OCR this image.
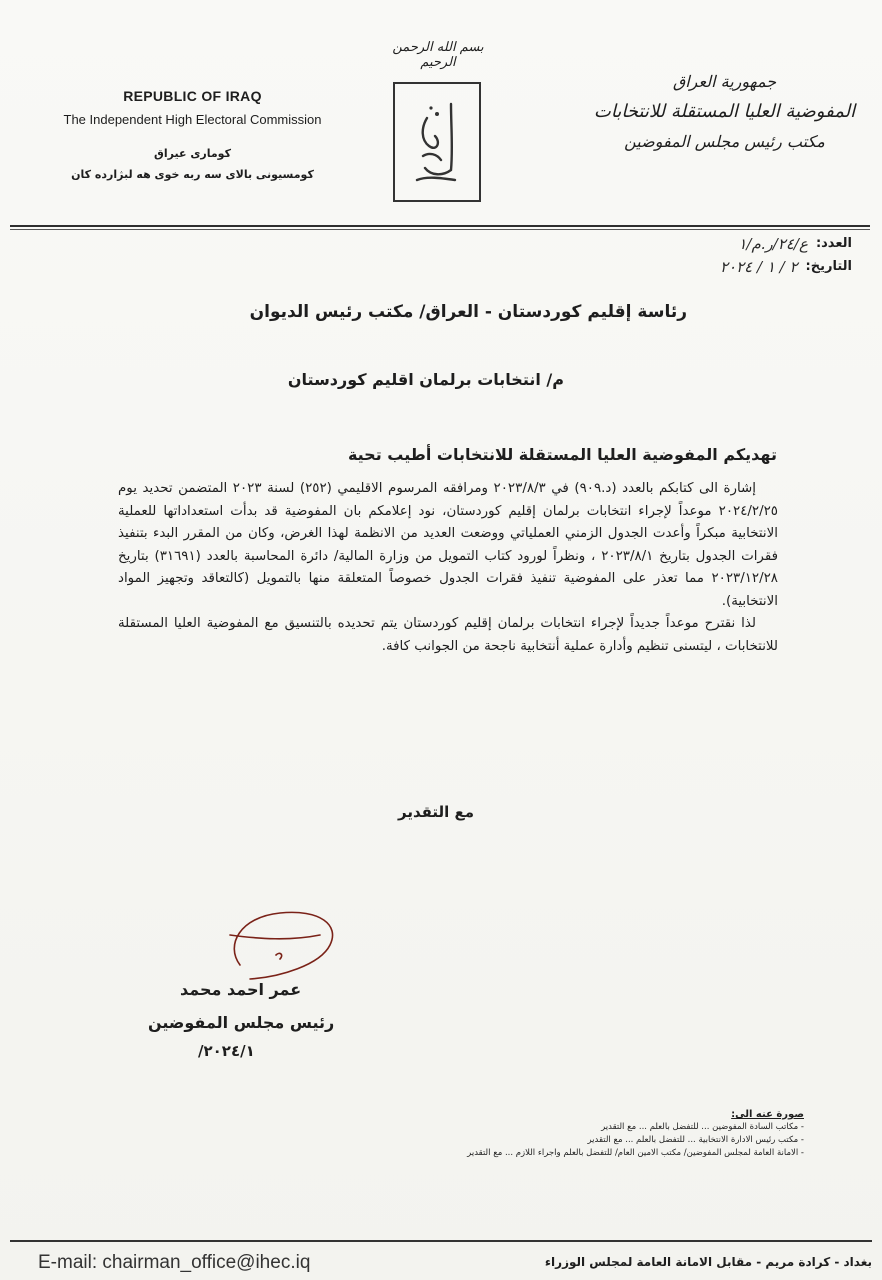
REPUBLIC OF IRAQ
The Independent High Electoral Commission
كوماری عیراق
كومسيونى بالاى سه ربه خوى هه لبژارده كان
بسم الله الرحمن الرحيم
جمهورية العراق
المفوضية العليا المستقلة للانتخابات
مكتب رئيس مجلس المفوضين
العدد:
ع/٢٤/ر.م/١
التاريخ:
٢ / ١ / ٢٠٢٤
رئاسة إقليم كوردستان - العراق/ مكتب رئيس الديوان
م/ انتخابات برلمان اقليم كوردستان
تهديكم المفوضية العليا المستقلة للانتخابات أطيب تحية

إشارة الى كتابكم بالعدد (د.٩٠٩) في ٢٠٢٣/٨/٣ ومرافقه المرسوم الاقليمي (٢٥٢) لسنة ٢٠٢٣ المتضمن تحديد يوم ٢٠٢٤/٢/٢٥ موعداً لإجراء انتخابات برلمان إقليم كوردستان، نود إعلامكم بان المفوضية قد بدأت استعداداتها للعملية الانتخابية مبكراً وأعدت الجدول الزمني العملياتي ووضعت العديد من الانظمة لهذا الغرض، وكان من المقرر البدء بتنفيذ فقرات الجدول بتاريخ ٢٠٢٣/٨/١ ، ونظراً لورود كتاب التمويل من وزارة المالية/ دائرة المحاسبة بالعدد (٣١٦٩١) بتاريخ ٢٠٢٣/١٢/٢٨ مما تعذر على المفوضية تنفيذ فقرات الجدول خصوصاً المتعلقة منها بالتمويل (كالتعاقد وتجهيز المواد الانتخابية).

لذا نقترح موعداً جديداً لإجراء انتخابات برلمان إقليم كوردستان يتم تحديده بالتنسيق مع المفوضية العليا المستقلة للانتخابات ، ليتسنى تنظيم وأدارة عملية أنتخابية ناجحة من الجوانب كافة.

مع التقدير
عمر احمد محمد
رئيس مجلس المفوضين
٢٠٢٤/١/
صورة عنه الى:
- مكاتب السادة المفوضين ... للتفضل بالعلم ... مع التقدير
- مكتب رئيس الادارة الانتخابية ... للتفضل بالعلم ... مع التقدير
- الامانة العامة لمجلس المفوضين/ مكتب الامين العام/ للتفضل بالعلم واجراء اللازم ... مع التقدير
E-mail: chairman_office@ihec.iq	بغداد - كرادة مريم - مقابل الامانة العامة لمجلس الوزراء
